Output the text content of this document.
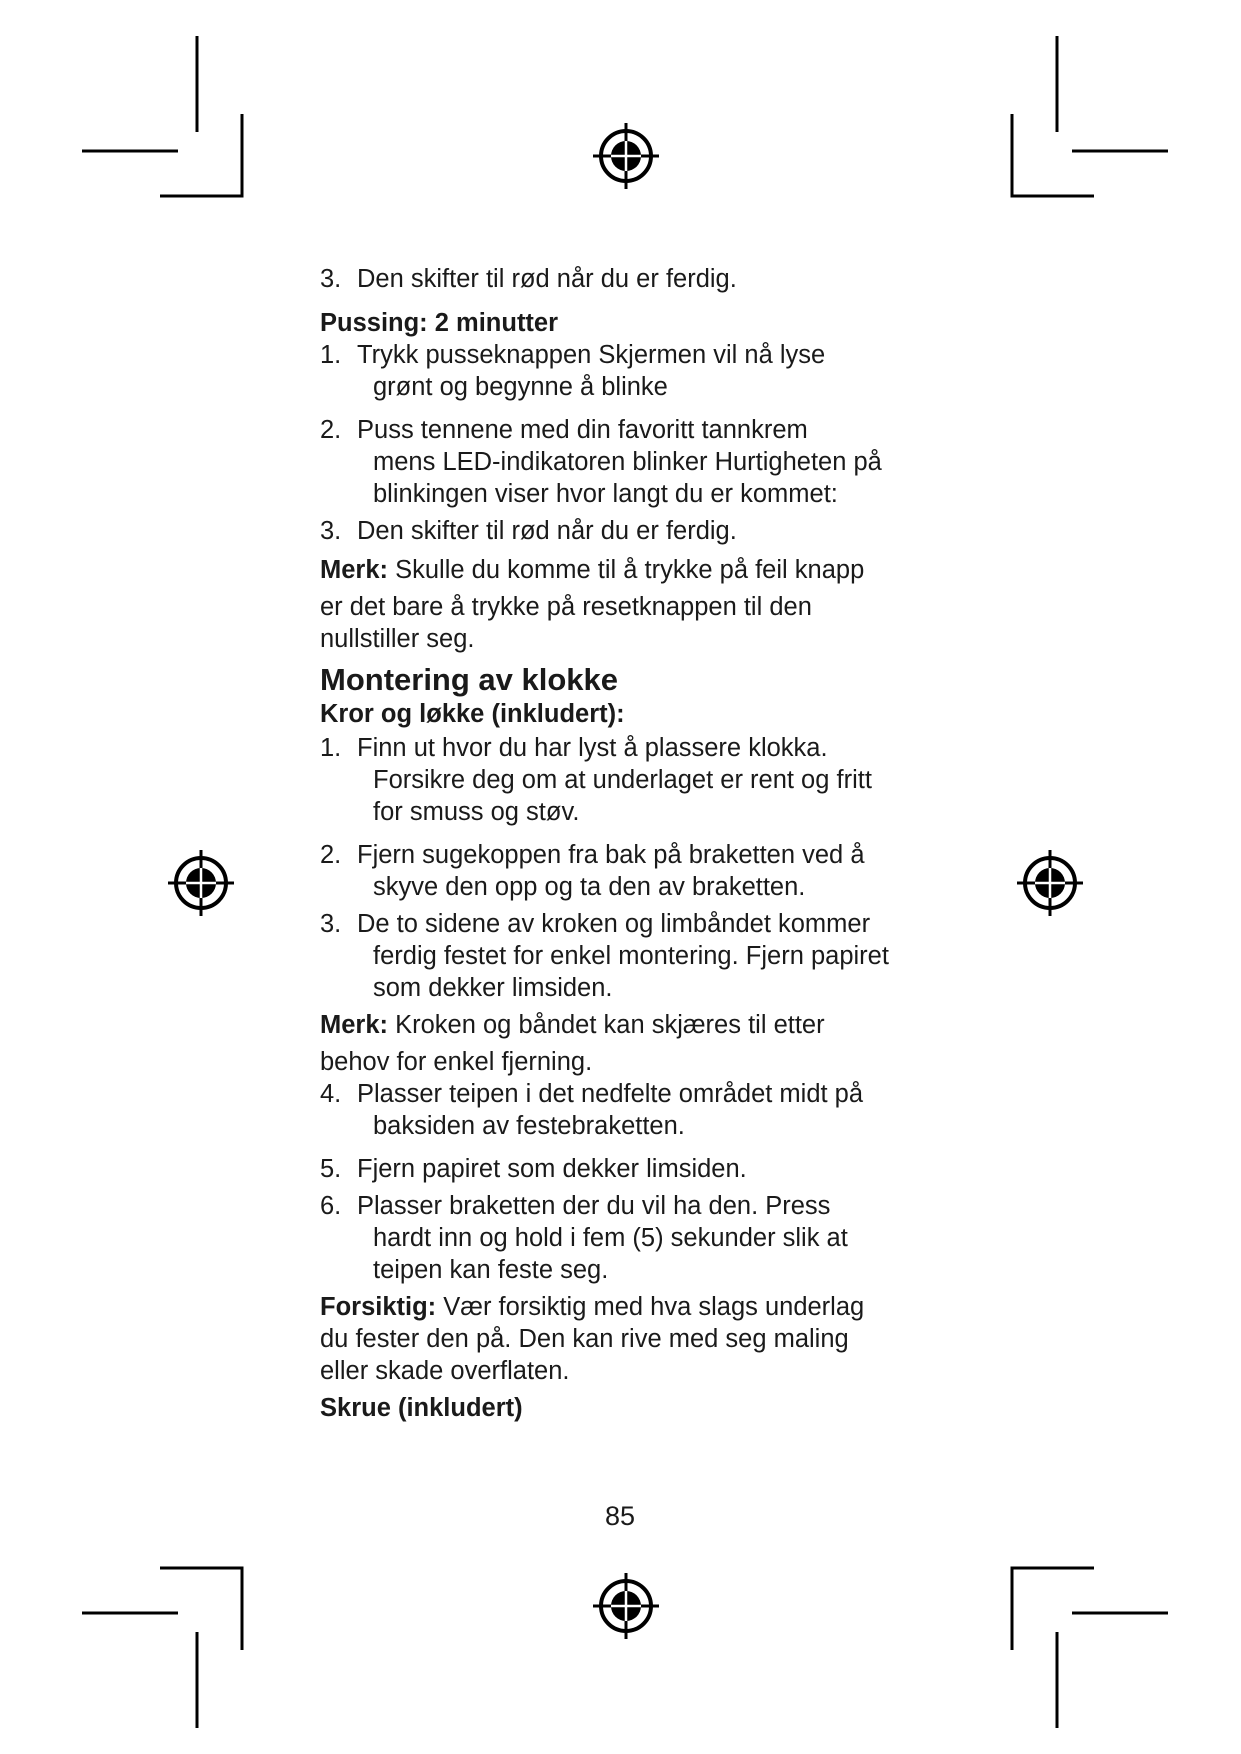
3. Den skifter til rød når du er ferdig.
Pussing: 2 minutter
1. Trykk pusseknappen Skjermen vil nå lyse
grønt og begynne å blinke
2. Puss tennene med din favoritt tannkrem
mens LED-indikatoren blinker Hurtigheten på
blinkingen viser hvor langt du er kommet:
3. Den skifter til rød når du er ferdig.
Merk: Skulle du komme til å trykke på feil knapp
er det bare å trykke på resetknappen til den
nullstiller seg.
Montering av klokke
Kror og løkke (inkludert):
1. Finn ut hvor du har lyst å plassere klokka.
Forsikre deg om at underlaget er rent og fritt
for smuss og støv.
2. Fjern sugekoppen fra bak på braketten ved å
skyve den opp og ta den av braketten.
3. De to sidene av kroken og limbåndet kommer
ferdig festet for enkel montering. Fjern papiret
som dekker limsiden.
Merk: Kroken og båndet kan skjæres til etter
behov for enkel fjerning.
4. Plasser teipen i det nedfelte området midt på
baksiden av festebraketten.
5. Fjern papiret som dekker limsiden.
6. Plasser braketten der du vil ha den. Press
hardt inn og hold i fem (5) sekunder slik at
teipen kan feste seg.
Forsiktig: Vær forsiktig med hva slags underlag
du fester den på. Den kan rive med seg maling
eller skade overflaten.
Skrue (inkludert)
85
